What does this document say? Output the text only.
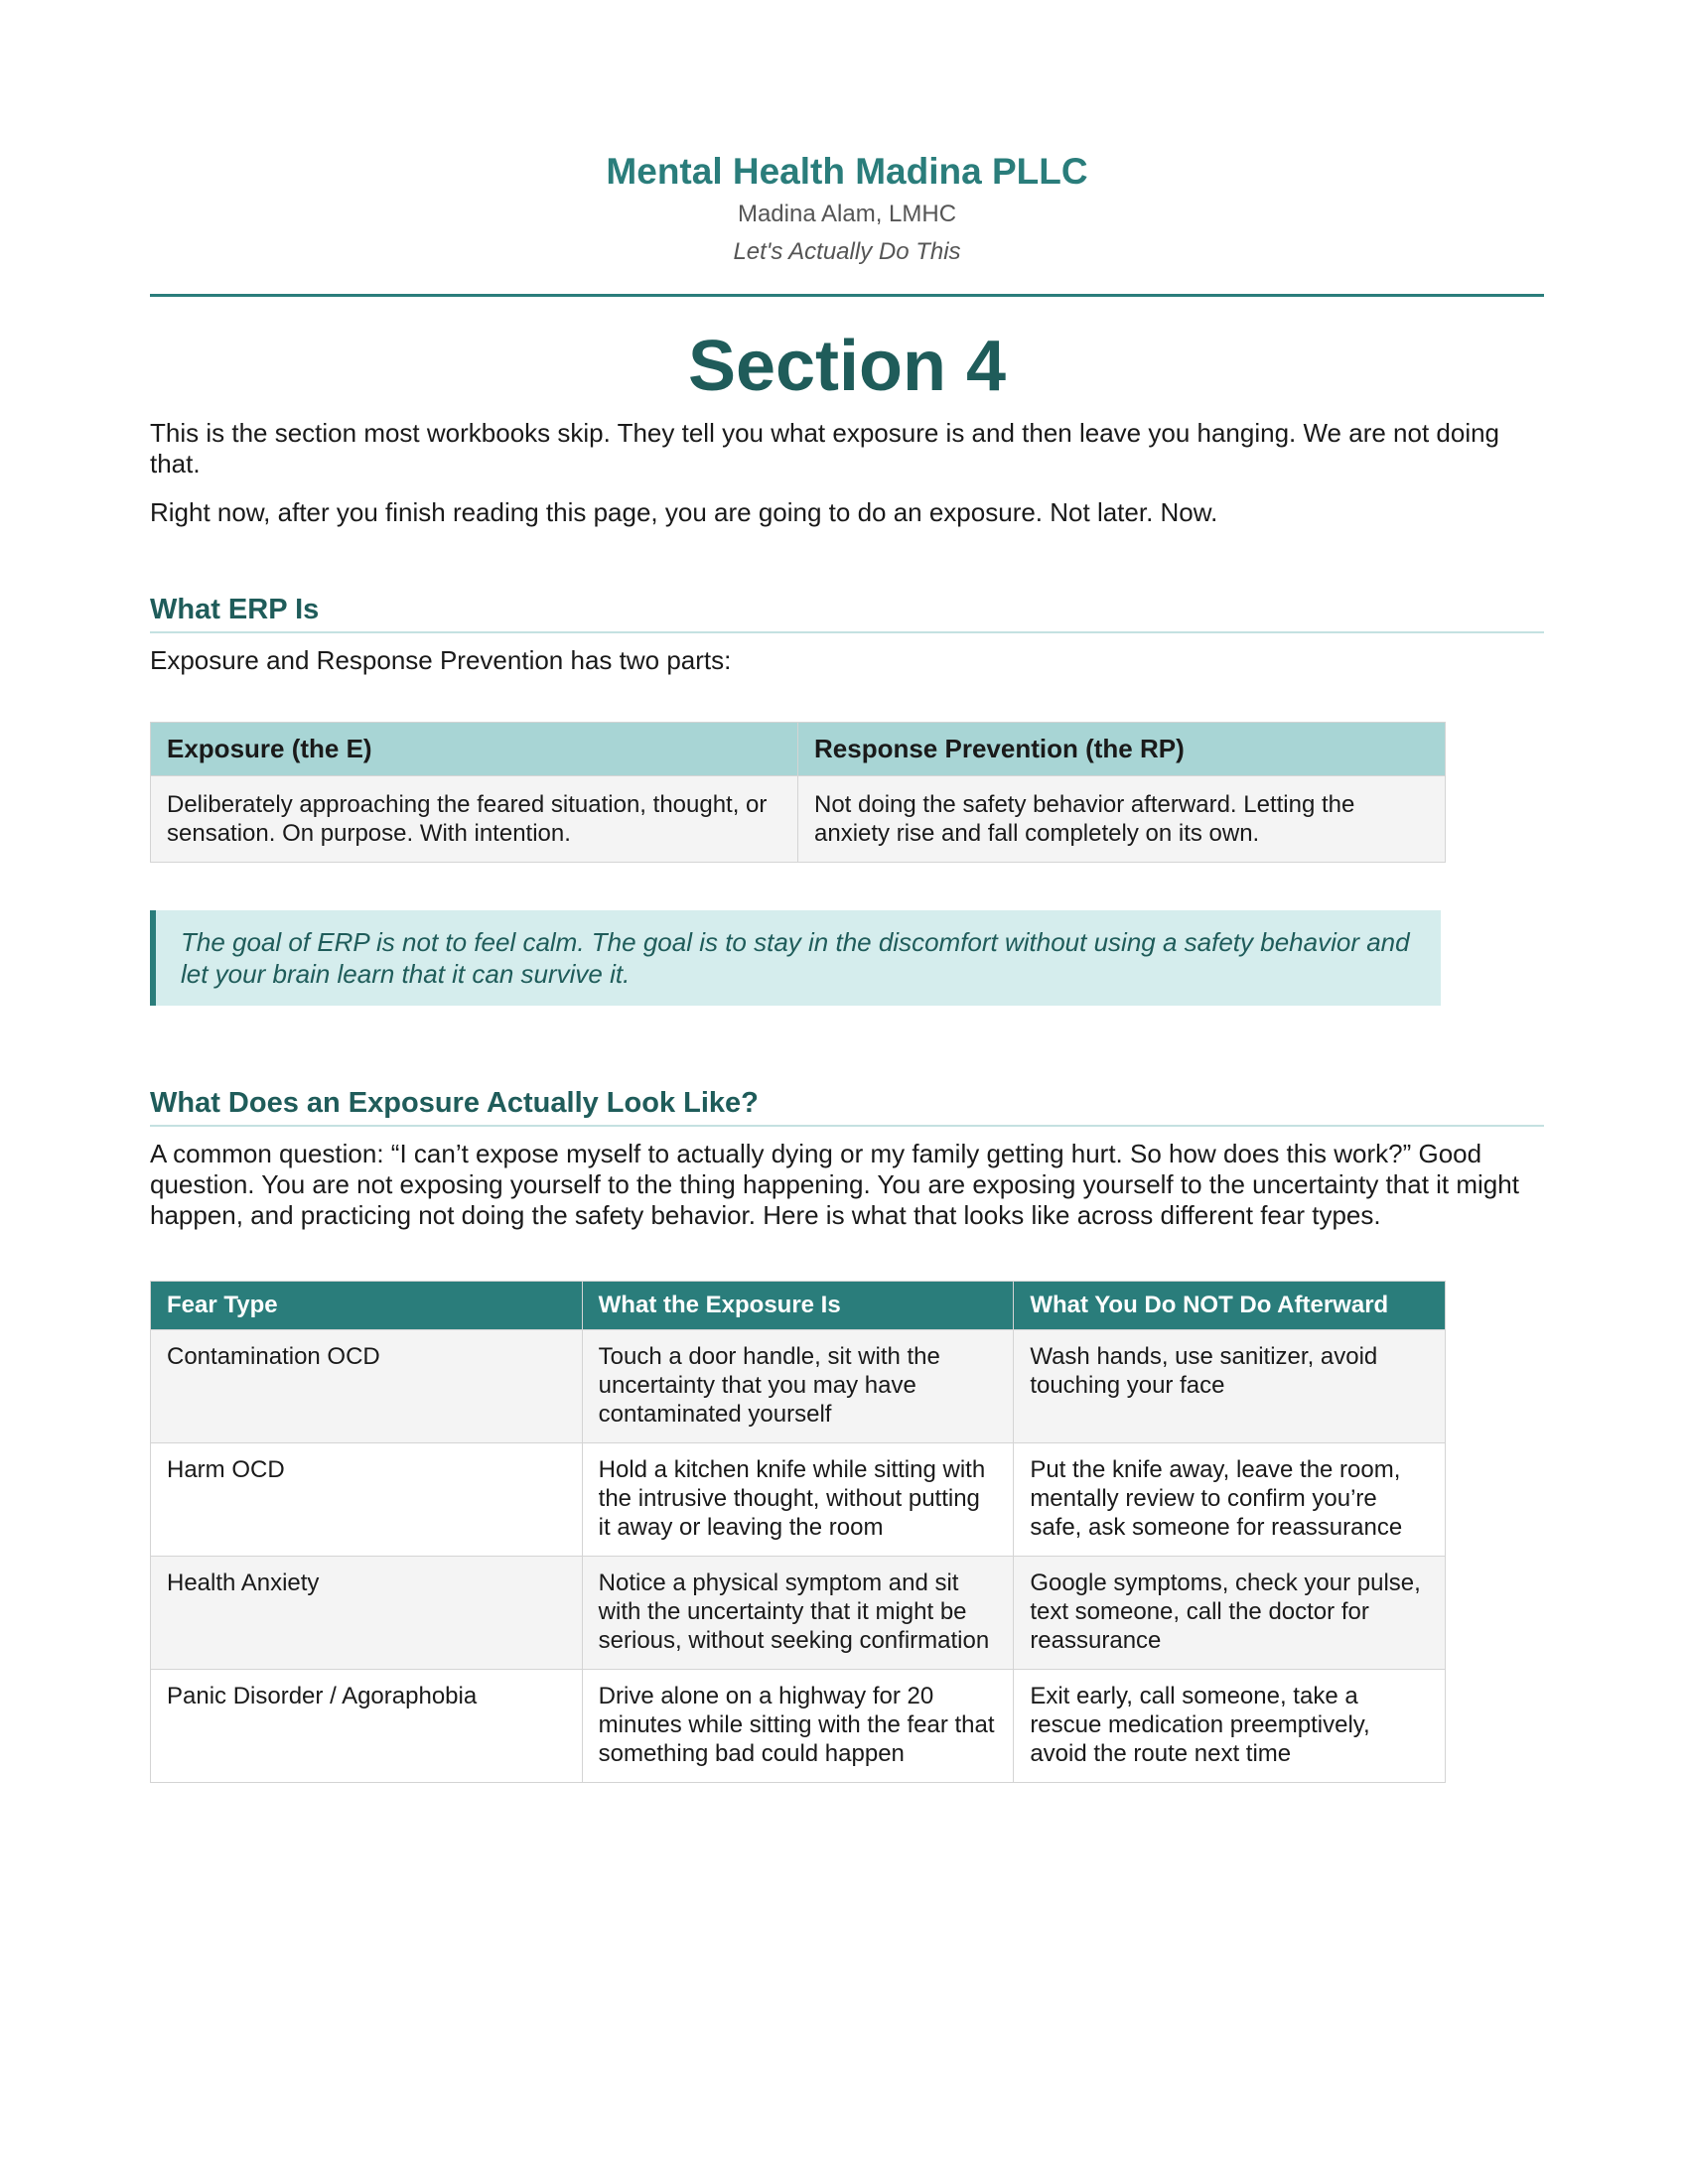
Mental Health Madina PLLC
Madina Alam, LMHC
Let's Actually Do This
Section 4

This is the section most workbooks skip. They tell you what exposure is and then leave you hanging. We are not doing that.

Right now, after you finish reading this page, you are going to do an exposure. Not later. Now.

What ERP Is

Exposure and Response Prevention has two parts:

Exposure (the E)	Response Prevention (the RP)
Deliberately approaching the feared situation, thought, or sensation. On purpose. With intention.	Not doing the safety behavior afterward. Letting the anxiety rise and fall completely on its own.
The goal of ERP is not to feel calm. The goal is to stay in the discomfort without using a safety behavior and let your brain learn that it can survive it.
What Does an Exposure Actually Look Like?

A common question: “I can’t expose myself to actually dying or my family getting hurt. So how does this work?” Good question. You are not exposing yourself to the thing happening. You are exposing yourself to the uncertainty that it might happen, and practicing not doing the safety behavior. Here is what that looks like across different fear types.

Fear Type	What the Exposure Is	What You Do NOT Do Afterward
Contamination OCD	Touch a door handle, sit with the uncertainty that you may have contaminated yourself	Wash hands, use sanitizer, avoid touching your face
Harm OCD	Hold a kitchen knife while sitting with the intrusive thought, without putting it away or leaving the room	Put the knife away, leave the room, mentally review to confirm you’re safe, ask someone for reassurance
Health Anxiety	Notice a physical symptom and sit with the uncertainty that it might be serious, without seeking confirmation	Google symptoms, check your pulse, text someone, call the doctor for reassurance
Panic Disorder / Agoraphobia	Drive alone on a highway for 20 minutes while sitting with the fear that something bad could happen	Exit early, call someone, take a rescue medication preemptively, avoid the route next time
